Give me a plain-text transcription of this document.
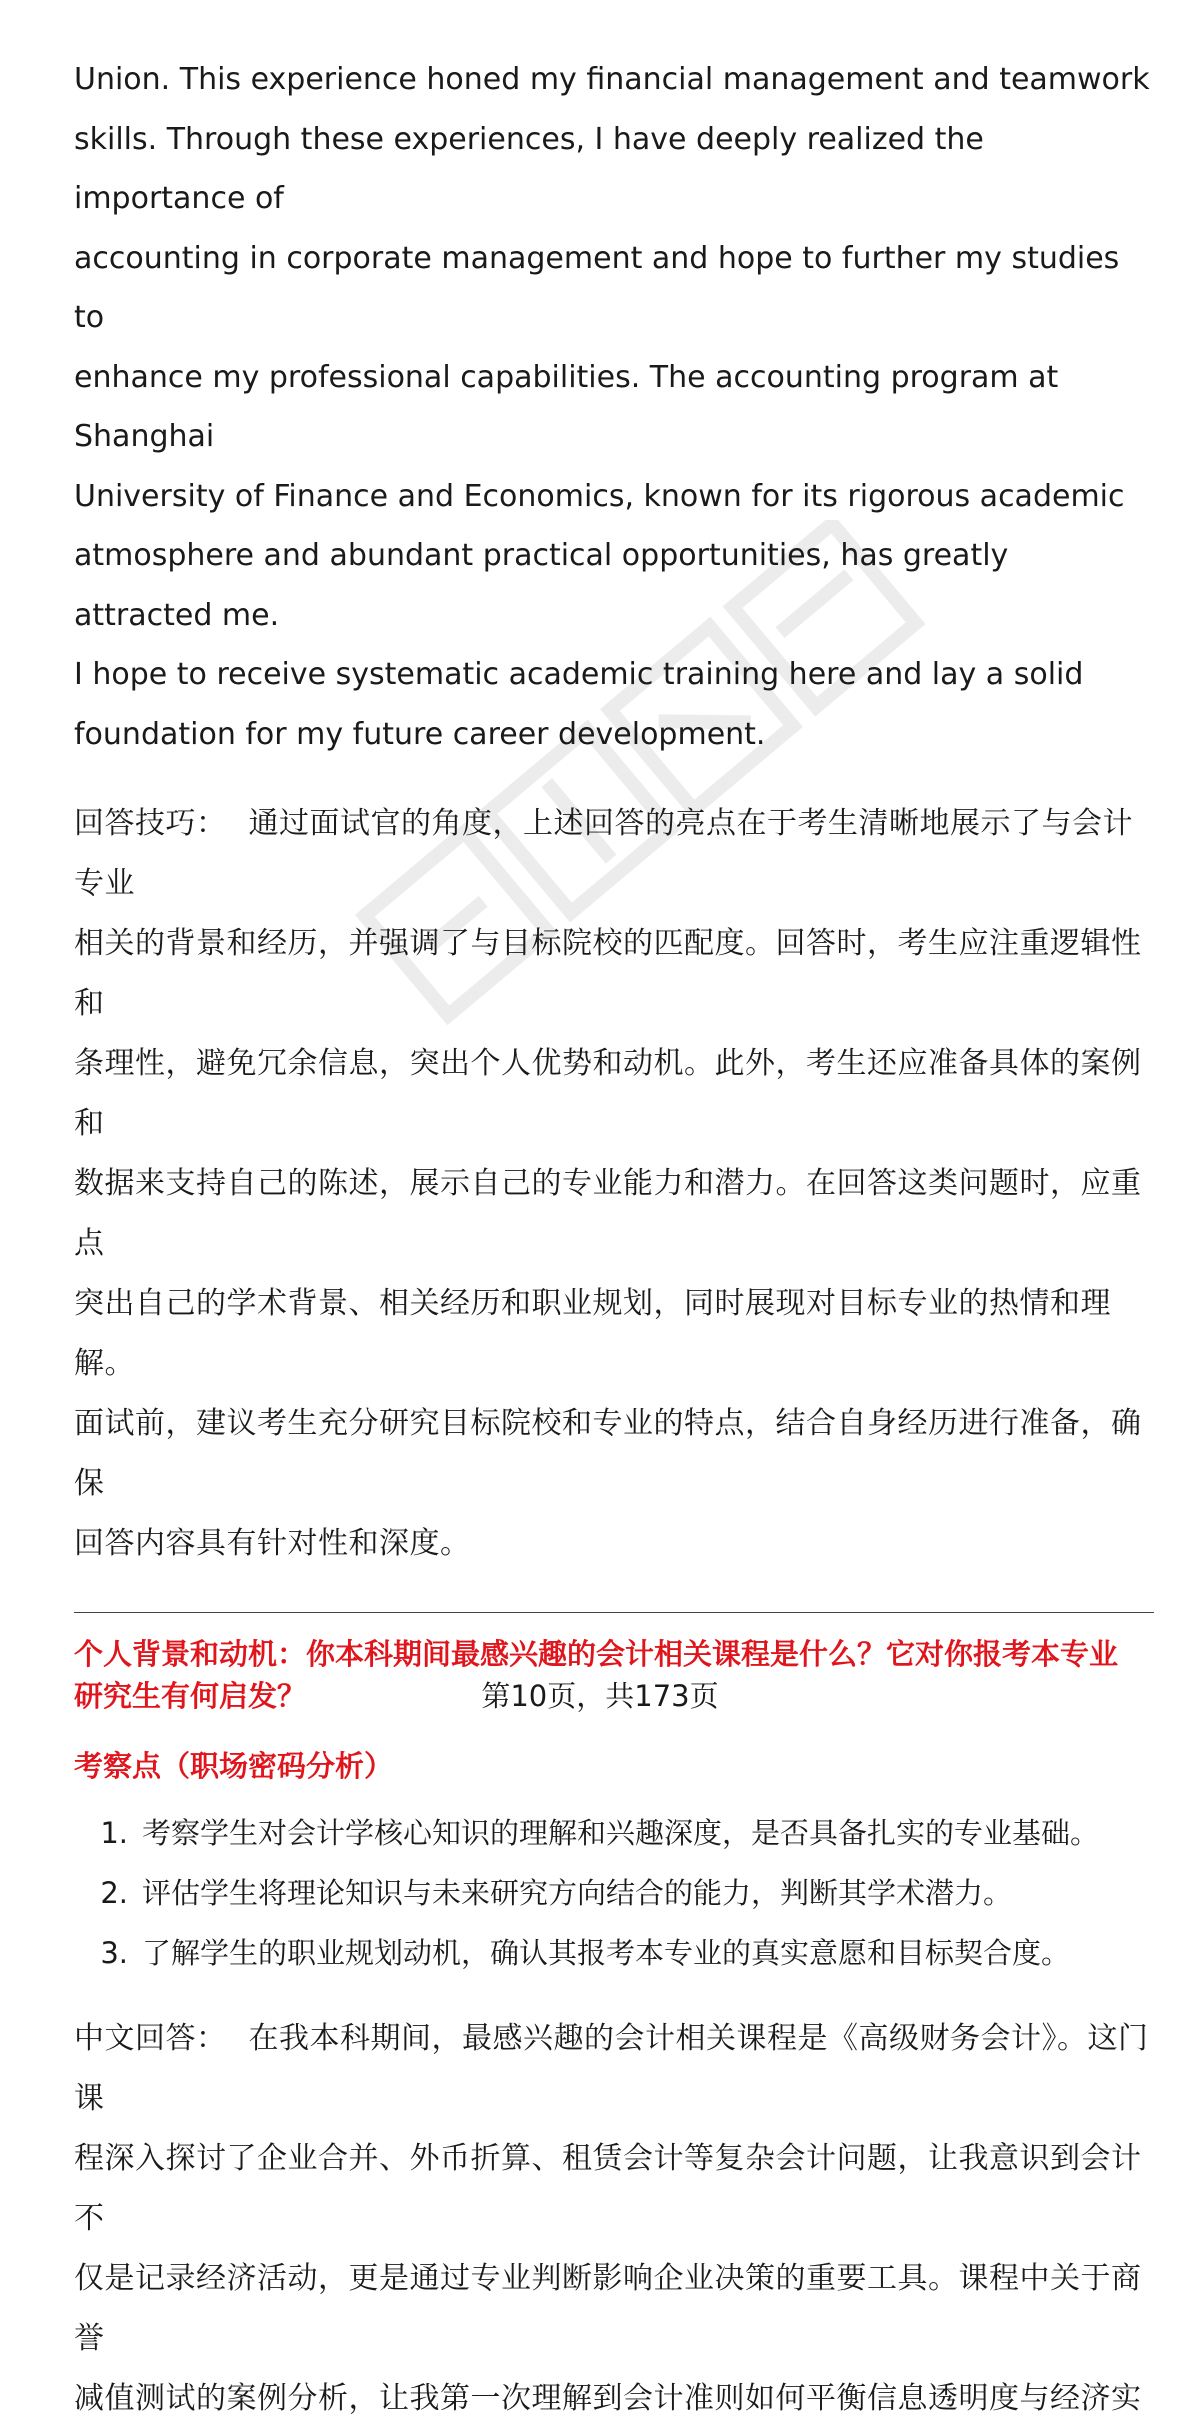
Union. This experience honed my financial management and teamwork
skills. Through these experiences, I have deeply realized the importance of
accounting in corporate management and hope to further my studies to
enhance my professional capabilities. The accounting program at Shanghai
University of Finance and Economics, known for its rigorous academic
atmosphere and abundant practical opportunities, has greatly attracted me.
I hope to receive systematic academic training here and lay a solid
foundation for my future career development.
回答技巧： 通过面试官的角度，上述回答的亮点在于考生清晰地展示了与会计专业
相关的背景和经历，并强调了与目标院校的匹配度。回答时，考生应注重逻辑性和
条理性，避免冗余信息，突出个人优势和动机。此外，考生还应准备具体的案例和
数据来支持自己的陈述，展示自己的专业能力和潜力。在回答这类问题时，应重点
突出自己的学术背景、相关经历和职业规划，同时展现对目标专业的热情和理解。
面试前，建议考生充分研究目标院校和专业的特点，结合自身经历进行准备，确保
回答内容具有针对性和深度。
个人背景和动机：你本科期间最感兴趣的会计相关课程是什么？它对你报考本专业
研究生有何启发？
考察点（职场密码分析）
1. 考察学生对会计学核心知识的理解和兴趣深度，是否具备扎实的专业基础。
2. 评估学生将理论知识与未来研究方向结合的能力，判断其学术潜力。
3. 了解学生的职业规划动机，确认其报考本专业的真实意愿和目标契合度。
中文回答： 在我本科期间，最感兴趣的会计相关课程是《高级财务会计》。这门课
程深入探讨了企业合并、外币折算、租赁会计等复杂会计问题，让我意识到会计不
仅是记录经济活动，更是通过专业判断影响企业决策的重要工具。课程中关于商誉
减值测试的案例分析，让我第一次理解到会计准则如何平衡信息透明度与经济实
第10页，共173页
